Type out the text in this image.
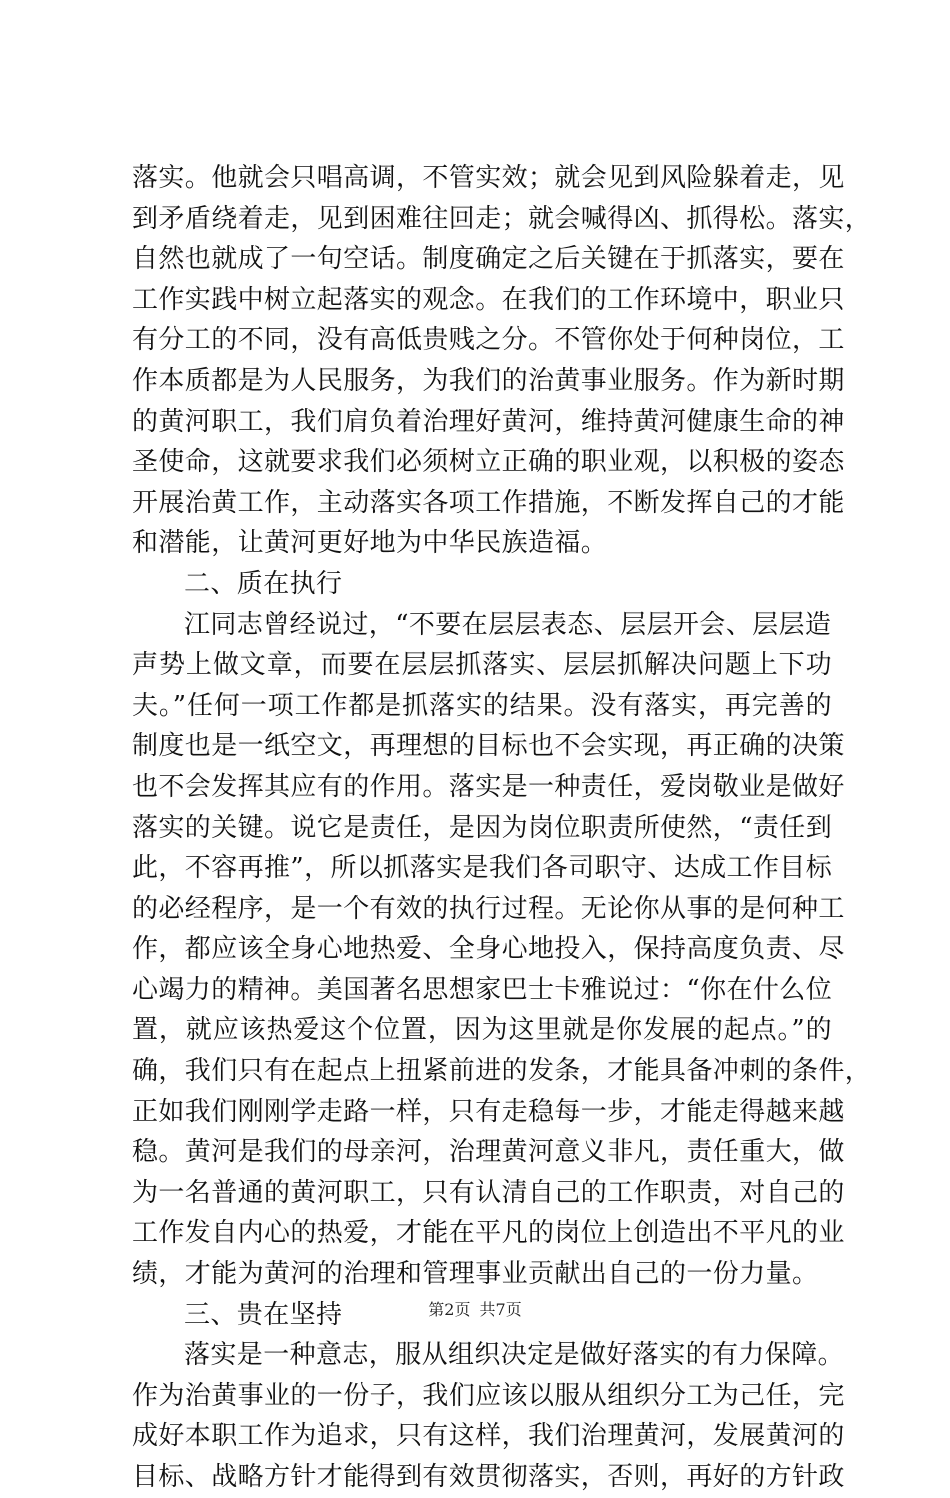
落实。他就会只唱高调，不管实效；就会见到风险躲着走，见
到矛盾绕着走，见到困难往回走；就会喊得凶、抓得松。落实，
自然也就成了一句空话。制度确定之后关键在于抓落实，要在
工作实践中树立起落实的观念。在我们的工作环境中，职业只
有分工的不同，没有高低贵贱之分。不管你处于何种岗位，工
作本质都是为人民服务，为我们的治黄事业服务。作为新时期
的黄河职工，我们肩负着治理好黄河，维持黄河健康生命的神
圣使命，这就要求我们必须树立正确的职业观，以积极的姿态
开展治黄工作，主动落实各项工作措施，不断发挥自己的才能
和潜能，让黄河更好地为中华民族造福。
二、质在执行
江同志曾经说过，“不要在层层表态、层层开会、层层造
声势上做文章，而要在层层抓落实、层层抓解决问题上下功
夫。”任何一项工作都是抓落实的结果。没有落实，再完善的
制度也是一纸空文，再理想的目标也不会实现，再正确的决策
也不会发挥其应有的作用。落实是一种责任，爱岗敬业是做好
落实的关键。说它是责任，是因为岗位职责所使然，“责任到
此，不容再推”，所以抓落实是我们各司职守、达成工作目标
的必经程序，是一个有效的执行过程。无论你从事的是何种工
作，都应该全身心地热爱、全身心地投入，保持高度负责、尽
心竭力的精神。美国著名思想家巴士卡雅说过：“你在什么位
置，就应该热爱这个位置，因为这里就是你发展的起点。”的
确，我们只有在起点上扭紧前进的发条，才能具备冲刺的条件，
正如我们刚刚学走路一样，只有走稳每一步，才能走得越来越
稳。黄河是我们的母亲河，治理黄河意义非凡，责任重大，做
为一名普通的黄河职工，只有认清自己的工作职责，对自己的
工作发自内心的热爱，才能在平凡的岗位上创造出不平凡的业
绩，才能为黄河的治理和管理事业贡献出自己的一份力量。
三、贵在坚持
落实是一种意志，服从组织决定是做好落实的有力保障。
作为治黄事业的一份子，我们应该以服从组织分工为己任，完
成好本职工作为追求，只有这样，我们治理黄河，发展黄河的
目标、战略方针才能得到有效贯彻落实，否则，再好的方针政
第2页 共7页
